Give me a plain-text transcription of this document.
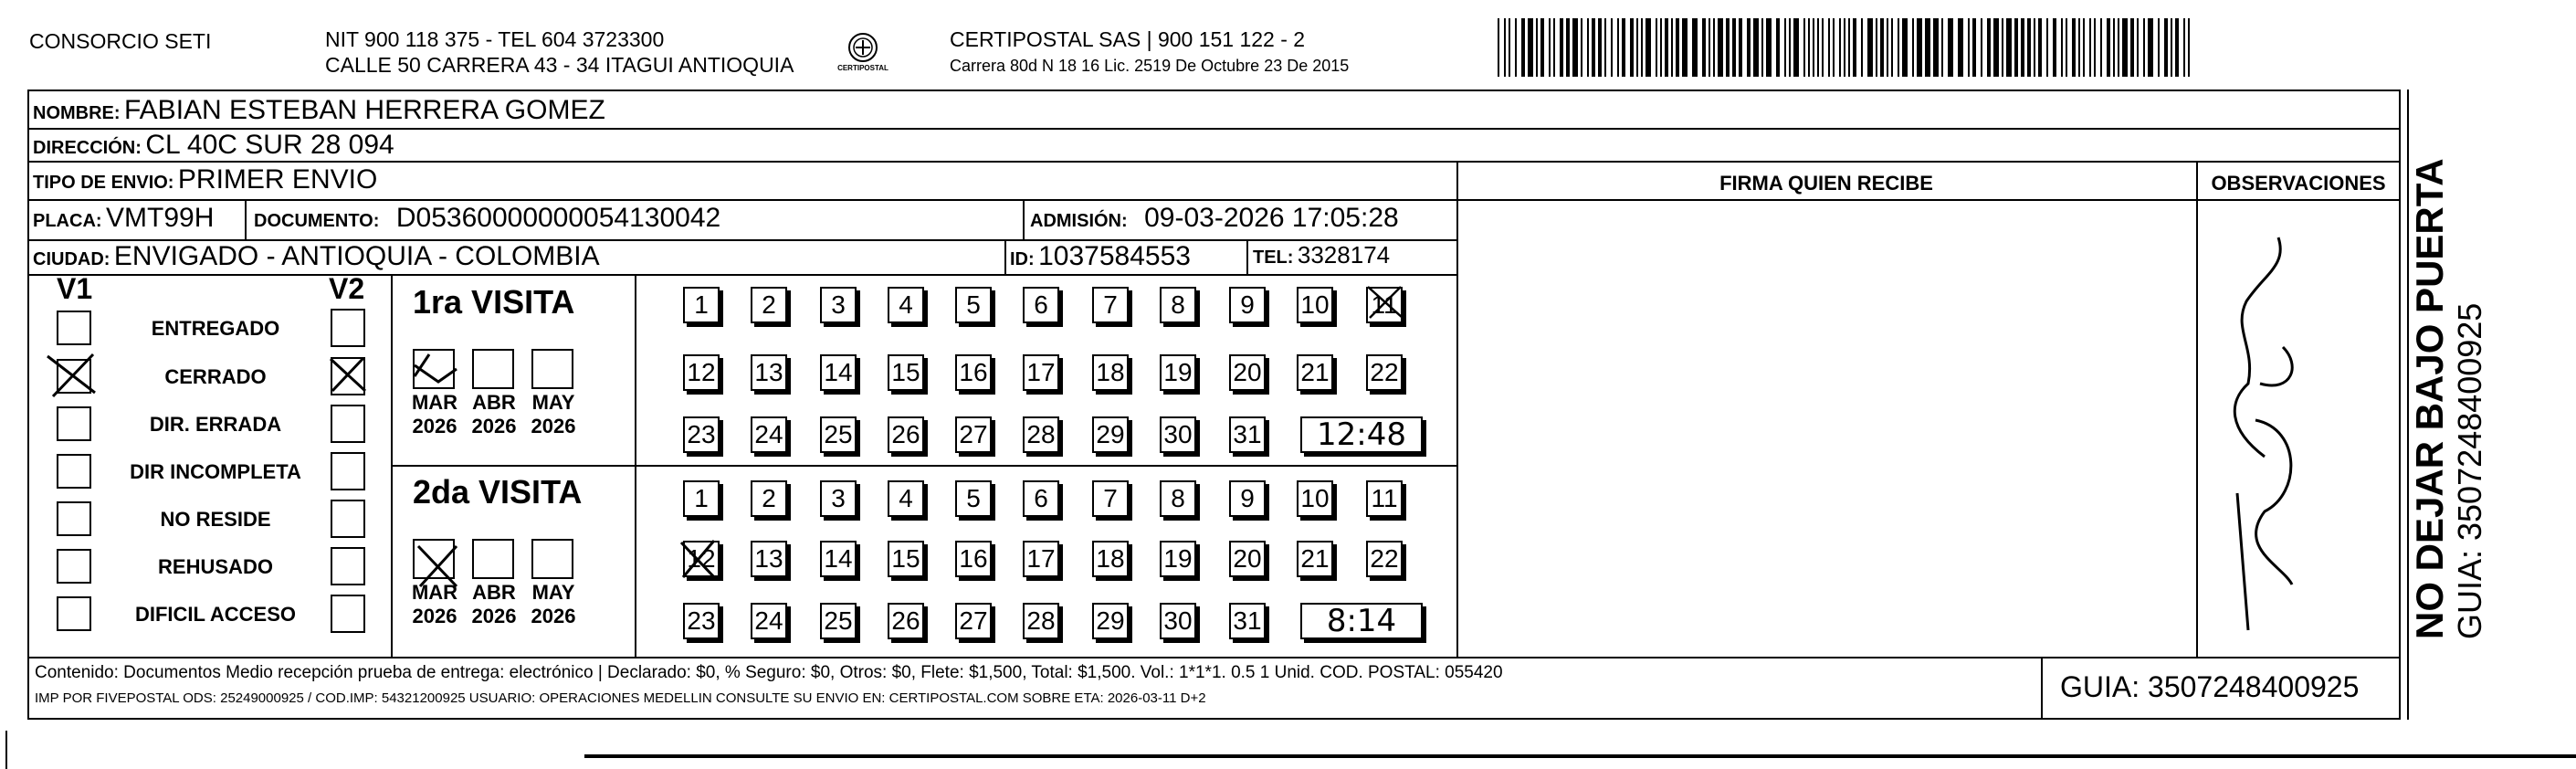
CONSORCIO SETI	NIT 900 118 375 - TEL 604 3723300
CALLE 50 CARRERA 43 - 34 ITAGUI ANTIOQUIA	CERTIPOSTAL
CERTIPOSTAL SAS | 900 151 122 - 2
Carrera 80d N 18 16 Lic. 2519 De Octubre 23 De 2015
NOMBRE: FABIAN ESTEBAN HERRERA GOMEZ
DIRECCIÓN: CL 40C SUR 28 094
TIPO DE ENVIO: PRIMER ENVIO	FIRMA QUIEN RECIBE	OBSERVACIONES
PLACA: VMT99H DOCUMENTO: D05360000000054130042	ADMISIÓN: 09-03-2026 17:05:28
CIUDAD: ENVIGADO - ANTIOQUIA - COLOMBIA	ID: 1037584553	TEL: 3328174
V1	V2
ENTREGADO
CERRADO
DIR. ERRADA
DIR INCOMPLETA
NO RESIDE
REHUSADO
DIFICIL ACCESO
1ra VISITA
2da VISITA
MAR
2026
ABR
2026
MAY
2026
MAR
2026
ABR
2026
MAY
2026
1	2	3	4	5	6	7	8	9	10 11
12 13 14 15 16 17 18 19 20 21 22
23 24 25 26 27 28 29 30 31
1	2	3	4	5	6	7	8	9	10 11
12 13 14 15 16 17 18 19 20 21 22
23 24 25 26 27 28 29 30 31
12:48
8:14
Contenido: Documentos Medio recepción prueba de entrega: electrónico | Declarado: $0, % Seguro: $0, Otros: $0, Flete: $1,500, Total: $1,500. Vol.: 1*1*1. 0.5 1 Unid. COD. POSTAL: 055420
IMP POR FIVEPOSTAL ODS: 25249000925 / COD.IMP: 54321200925 USUARIO: OPERACIONES MEDELLIN CONSULTE SU ENVIO EN: CERTIPOSTAL.COM SOBRE ETA: 2026-03-11 D+2	GUIA: 3507248400925
NO DEJAR BAJO PUERTA GUIA: 3507248400925
